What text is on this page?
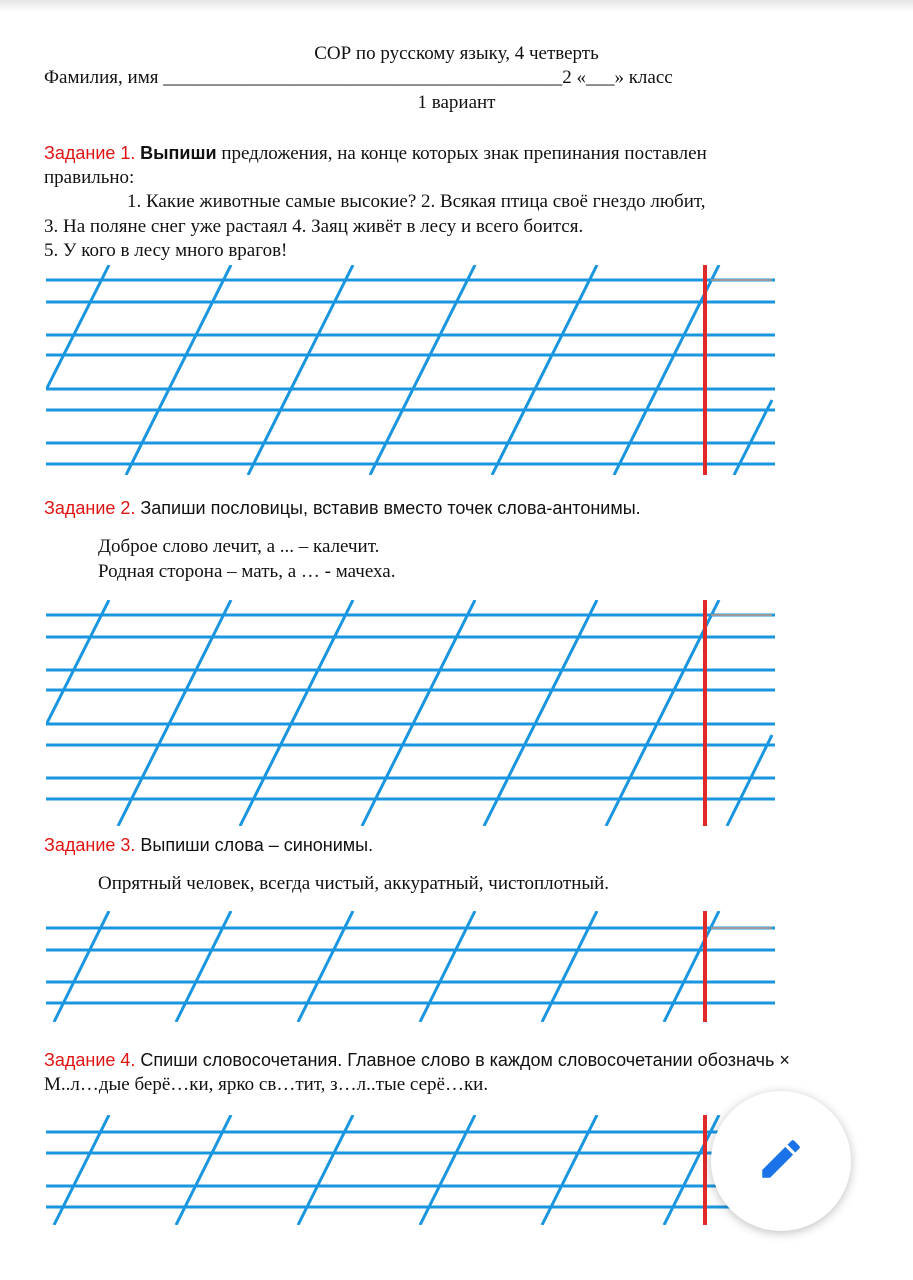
СОР по русскому языку, 4 четверть
Фамилия, имя __________________________________________2 «___» класс
1 вариант
Задание 1. Выпиши предложения, на конце которых знак препинания поставлен
правильно:
1. Какие животные самые высокие? 2. Всякая птица своё гнездо любит,
3. На поляне снег уже растаял 4. Заяц живёт в лесу и всего боится.
5. У кого в лесу много врагов!
Задание 2. Запиши пословицы, вставив вместо точек слова-антонимы.
Доброе слово лечит, а ... – калечит.
Родная сторона – мать, а … - мачеха.
Задание 3. Выпиши слова – синонимы.
Опрятный человек, всегда чистый, аккуратный, чистоплотный.
Задание 4. Спиши словосочетания. Главное слово в каждом словосочетании обозначь ×
М..л…дые берё…ки, ярко св…тит, з…л..тые серё…ки.
